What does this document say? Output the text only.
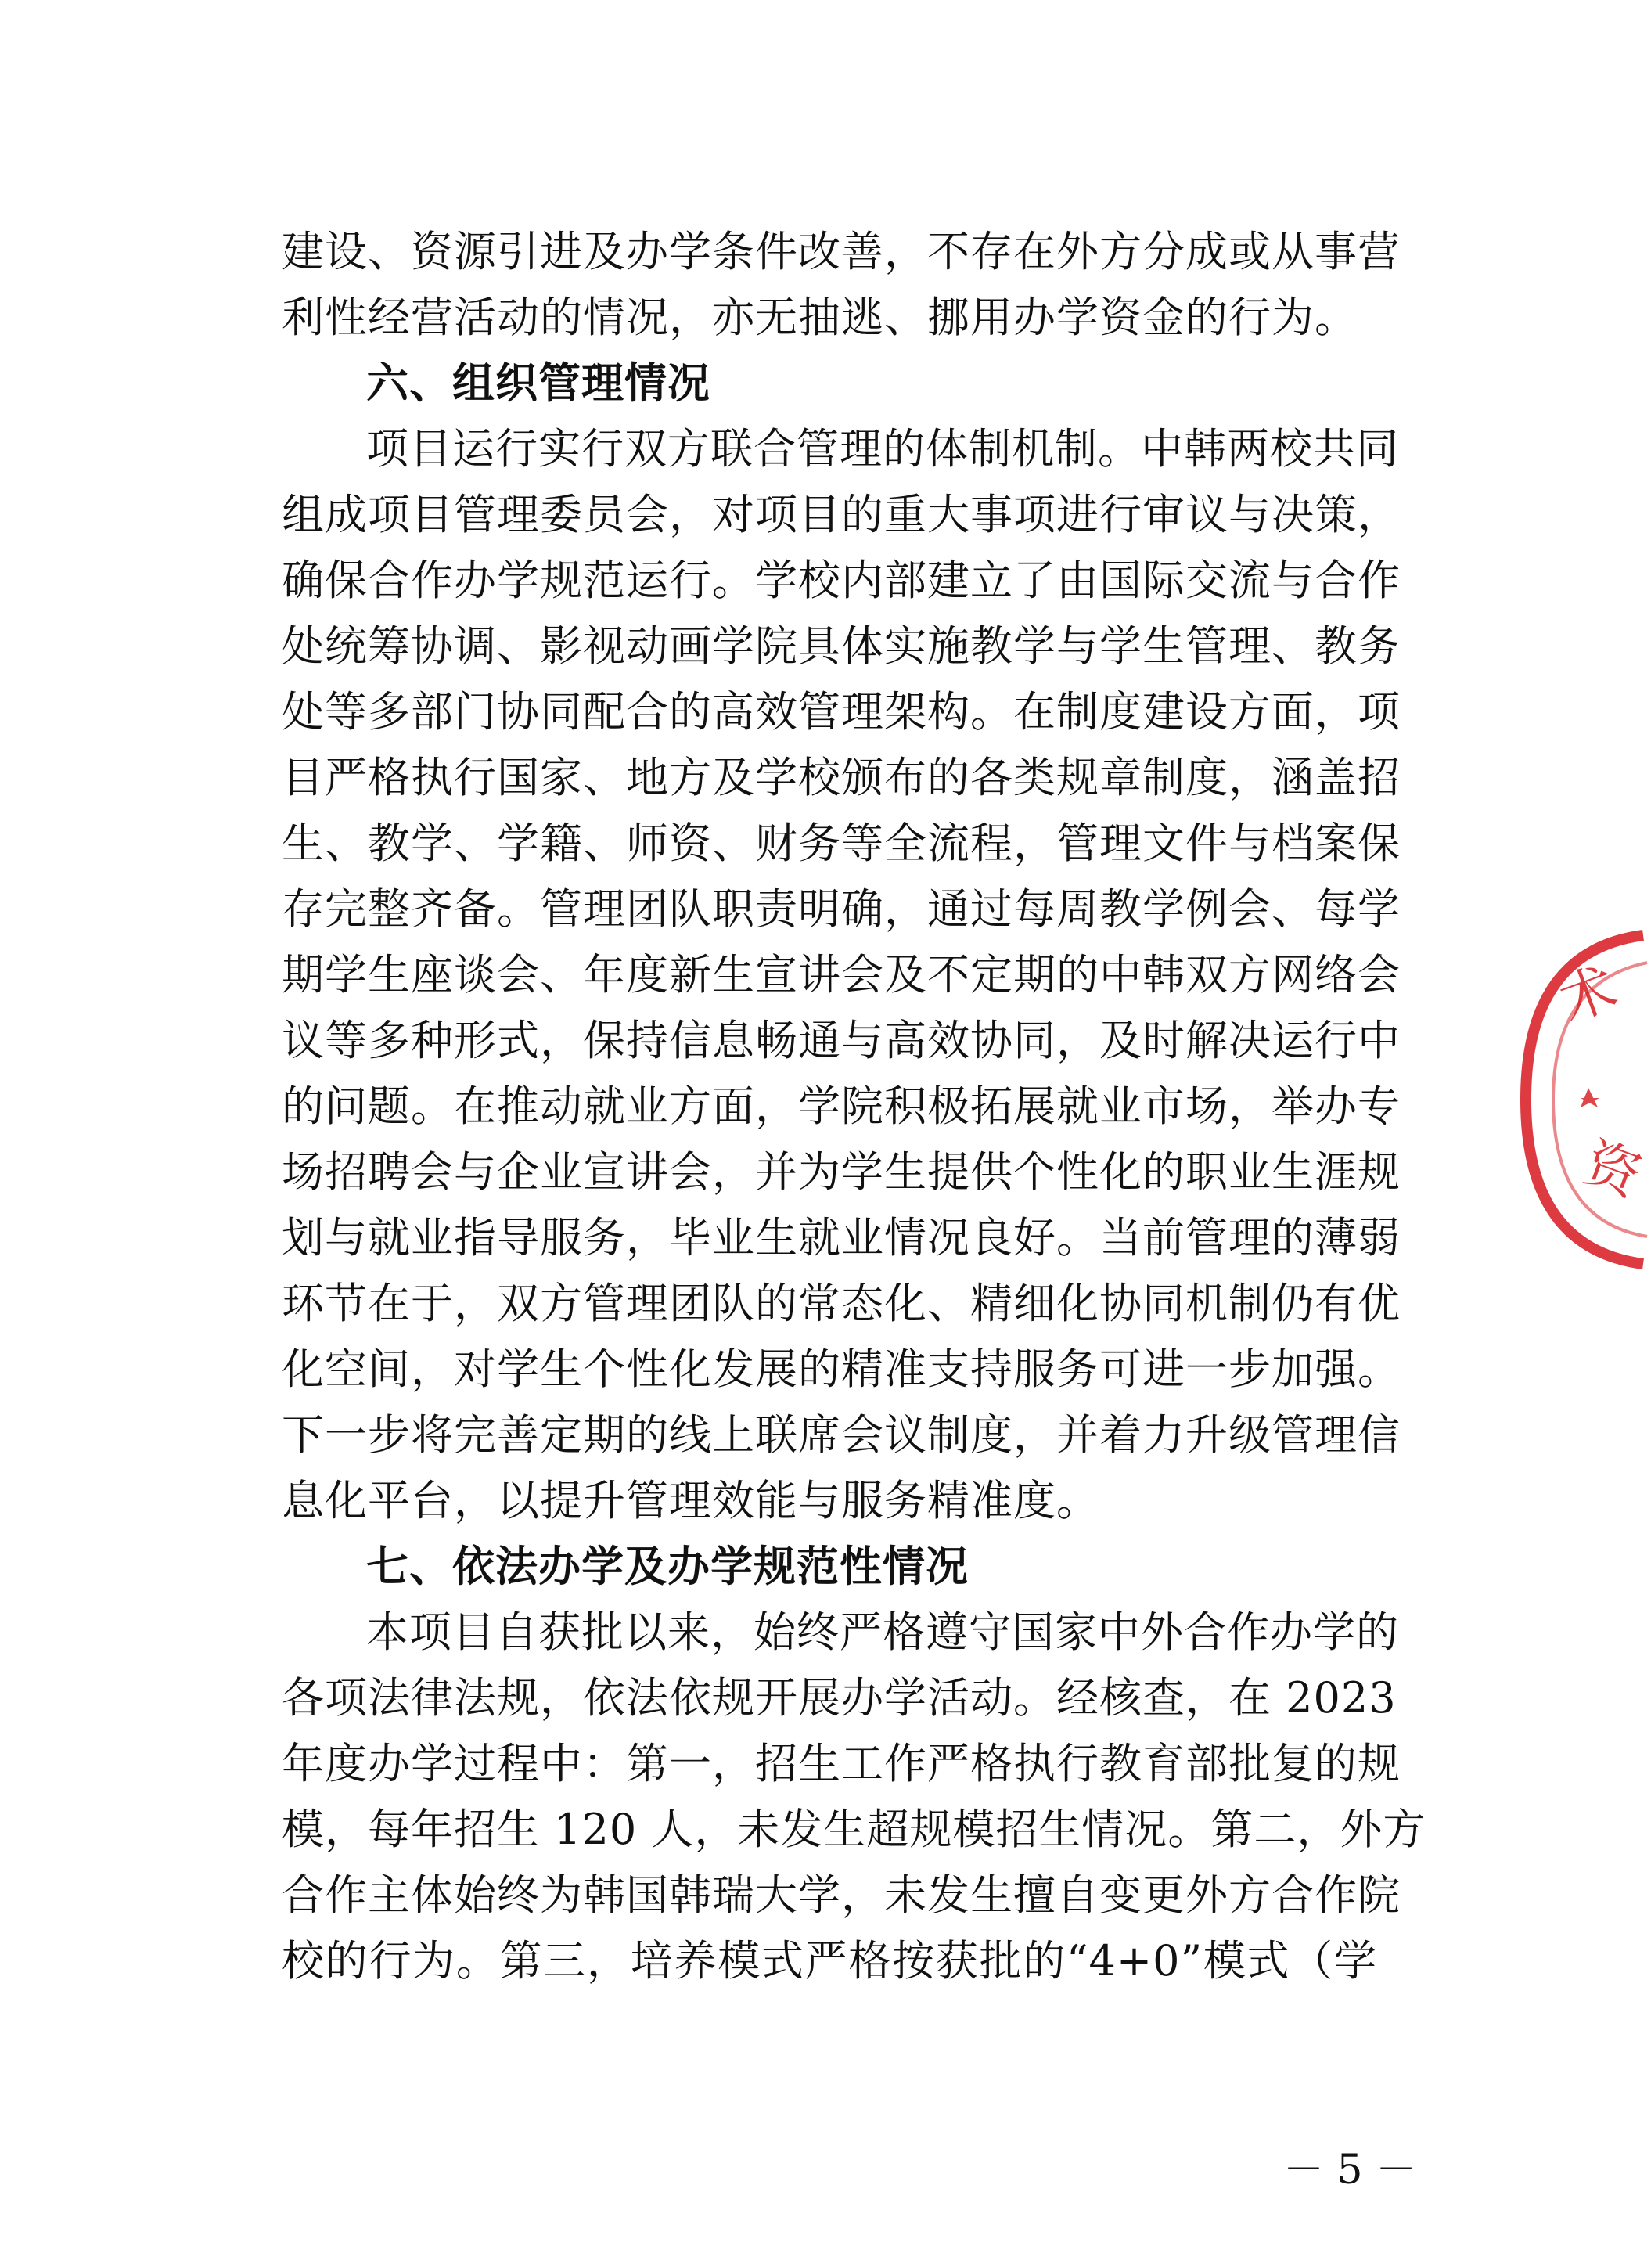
建设、资源引进及办学条件改善，不存在外方分成或从事营
利性经营活动的情况，亦无抽逃、挪用办学资金的行为。
六、组织管理情况
项目运行实行双方联合管理的体制机制。中韩两校共同
组成项目管理委员会，对项目的重大事项进行审议与决策，
确保合作办学规范运行。学校内部建立了由国际交流与合作
处统筹协调、影视动画学院具体实施教学与学生管理、教务
处等多部门协同配合的高效管理架构。在制度建设方面，项
目严格执行国家、地方及学校颁布的各类规章制度，涵盖招
生、教学、学籍、师资、财务等全流程，管理文件与档案保
存完整齐备。管理团队职责明确，通过每周教学例会、每学
期学生座谈会、年度新生宣讲会及不定期的中韩双方网络会
议等多种形式，保持信息畅通与高效协同，及时解决运行中
的问题。在推动就业方面，学院积极拓展就业市场，举办专
场招聘会与企业宣讲会，并为学生提供个性化的职业生涯规
划与就业指导服务，毕业生就业情况良好。当前管理的薄弱
环节在于，双方管理团队的常态化、精细化协同机制仍有优
化空间，对学生个性化发展的精准支持服务可进一步加强。
下一步将完善定期的线上联席会议制度，并着力升级管理信
息化平台，以提升管理效能与服务精准度。
七、依法办学及办学规范性情况
本项目自获批以来，始终严格遵守国家中外合作办学的
各项法律法规，依法依规开展办学活动。经核查，在 2023
年度办学过程中：第一，招生工作严格执行教育部批复的规
模，每年招生 120 人，未发生超规模招生情况。第二，外方
合作主体始终为韩国韩瑞大学，未发生擅自变更外方合作院
校的行为。第三，培养模式严格按获批的“4+0”模式（学
－ 5 －
术
资
